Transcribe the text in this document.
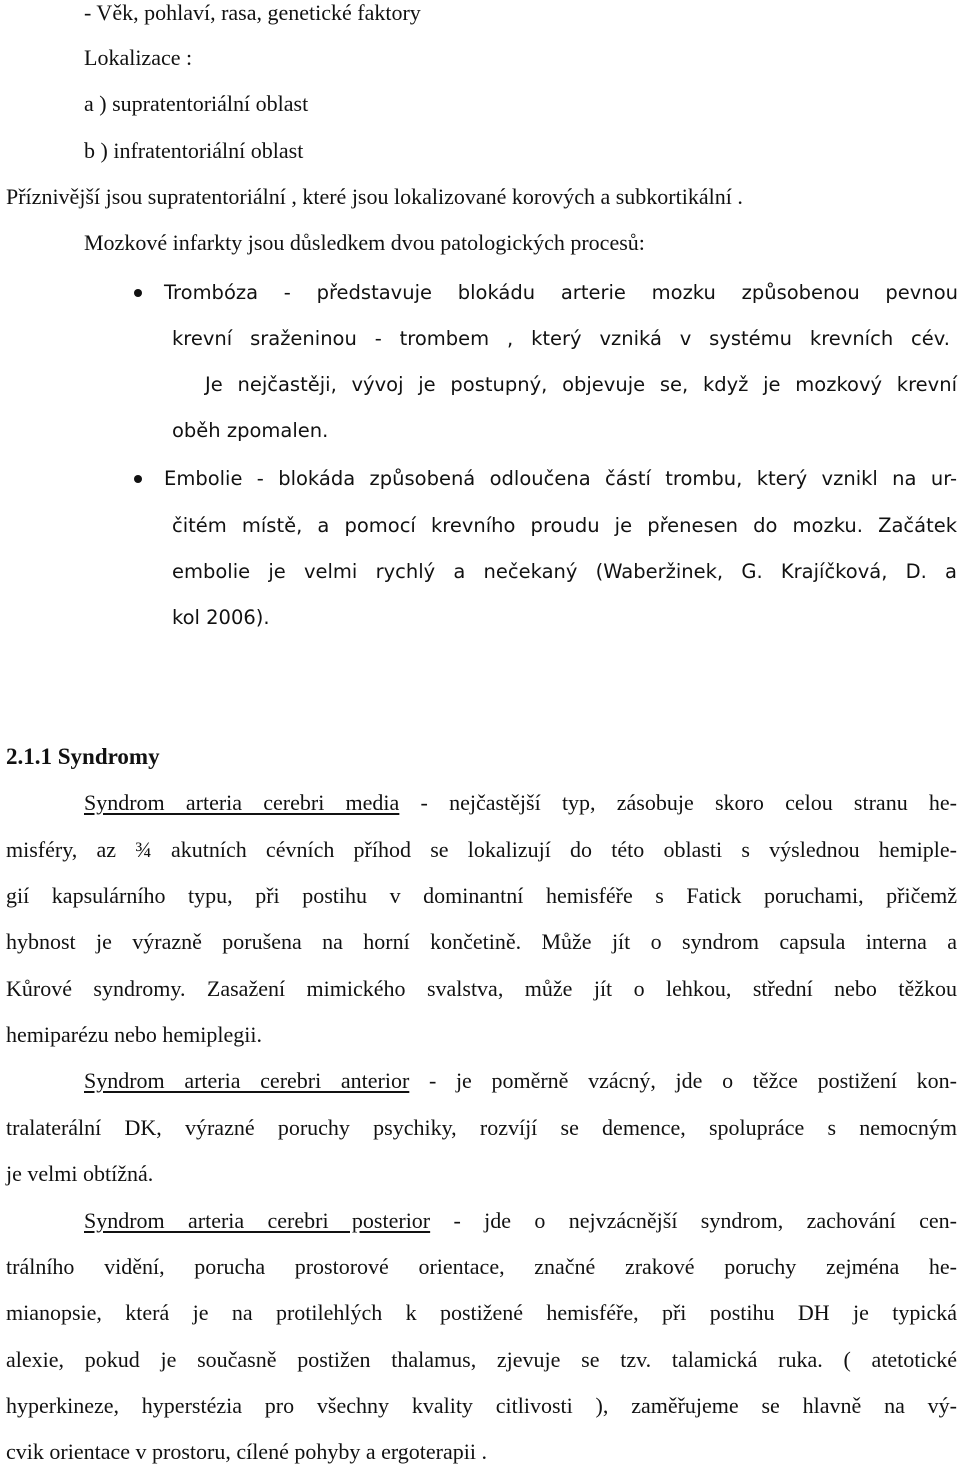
- Věk, pohlaví, rasa, genetické faktory
Lokalizace :
a ) supratentoriální oblast
b ) infratentoriální oblast
Příznivější jsou supratentoriální , které jsou lokalizované korových a subkortikální .
Mozkové infarkty jsou důsledkem dvou patologických procesů:
Trombóza - představuje blokádu arterie mozku způsobenou pevnou
krevní sraženinou - trombem , který vzniká v systému krevních cév.
Je nejčastěji, vývoj je postupný, objevuje se, když je mozkový krevní
oběh zpomalen.
Embolie - blokáda způsobená odloučena částí trombu, který vznikl na ur-
čitém místě, a pomocí krevního proudu je přenesen do mozku. Začátek
embolie je velmi rychlý a nečekaný (Waberžinek, G. Krajíčková, D. a
kol 2006).
2.1.1 Syndromy
Syndrom arteria cerebri media - nejčastější typ, zásobuje skoro celou stranu he-
misféry, az ¾ akutních cévních příhod se lokalizují do této oblasti s výslednou hemiple-
gií kapsulárního typu, při postihu v dominantní hemisféře s Fatick poruchami, přičemž
hybnost je výrazně porušena na horní končetině. Může jít o syndrom capsula interna a
Kůrové syndromy. Zasažení mimického svalstva, může jít o lehkou, střední nebo těžkou
hemiparézu nebo hemiplegii.
Syndrom arteria cerebri anterior - je poměrně vzácný, jde o těžce postižení kon-
tralaterální DK, výrazné poruchy psychiky, rozvíjí se demence, spolupráce s nemocným
je velmi obtížná.
Syndrom arteria cerebri posterior - jde o nejvzácnější syndrom, zachování cen-
trálního vidění, porucha prostorové orientace, značné zrakové poruchy zejména he-
mianopsie, která je na protilehlých k postižené hemisféře, při postihu DH je typická
alexie, pokud je současně postižen thalamus, zjevuje se tzv. talamická ruka. ( atetotické
hyperkineze, hyperstézia pro všechny kvality citlivosti ), zaměřujeme se hlavně na vý-
cvik orientace v prostoru, cílené pohyby a ergoterapii .
